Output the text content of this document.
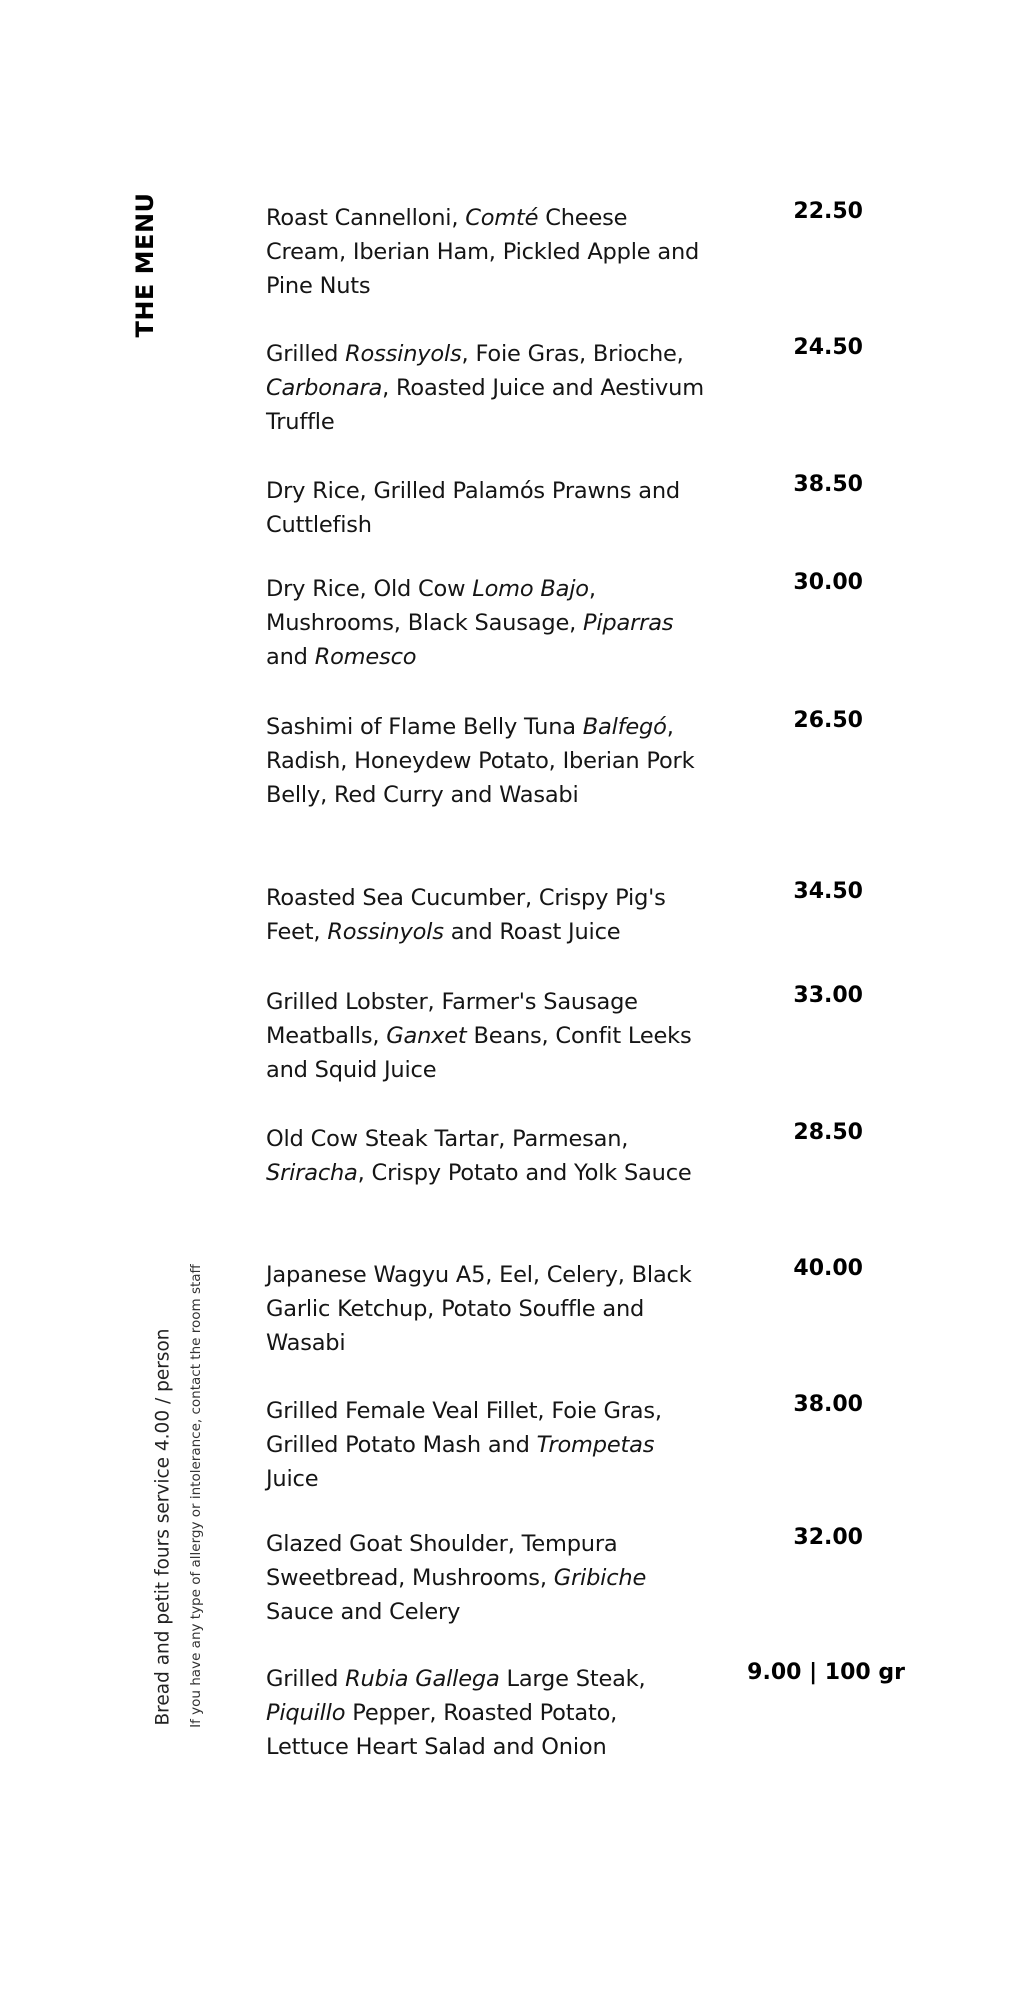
THE MENU
Bread and petit fours service 4.00 / person If you have any type of allergy or intolerance, contact the room staff
Roast Cannelloni, Comté Cheese Cream, Iberian Ham, Pickled Apple and Pine Nuts
22.50
Grilled Rossinyols, Foie Gras, Brioche, Carbonara, Roasted Juice and Aestivum Truffle
24.50
Dry Rice, Grilled Palamós Prawns and Cuttlefish
38.50
Dry Rice, Old Cow Lomo Bajo, Mushrooms, Black Sausage, Piparras and Romesco
30.00
Sashimi of Flame Belly Tuna Balfegó, Radish, Honeydew Potato, Iberian Pork Belly, Red Curry and Wasabi
26.50
Roasted Sea Cucumber, Crispy Pig's Feet, Rossinyols and Roast Juice
34.50
Grilled Lobster, Farmer's Sausage Meatballs, Ganxet Beans, Confit Leeks and Squid Juice
33.00
Old Cow Steak Tartar, Parmesan, Sriracha, Crispy Potato and Yolk Sauce
28.50
Japanese Wagyu A5, Eel, Celery, Black Garlic Ketchup, Potato Souffle and Wasabi
40.00
Grilled Female Veal Fillet, Foie Gras, Grilled Potato Mash and Trompetas Juice
38.00
Glazed Goat Shoulder, Tempura Sweetbread, Mushrooms, Gribiche Sauce and Celery
32.00
Grilled Rubia Gallega Large Steak, Piquillo Pepper, Roasted Potato, Lettuce Heart Salad and Onion
9.00 | 100 gr
